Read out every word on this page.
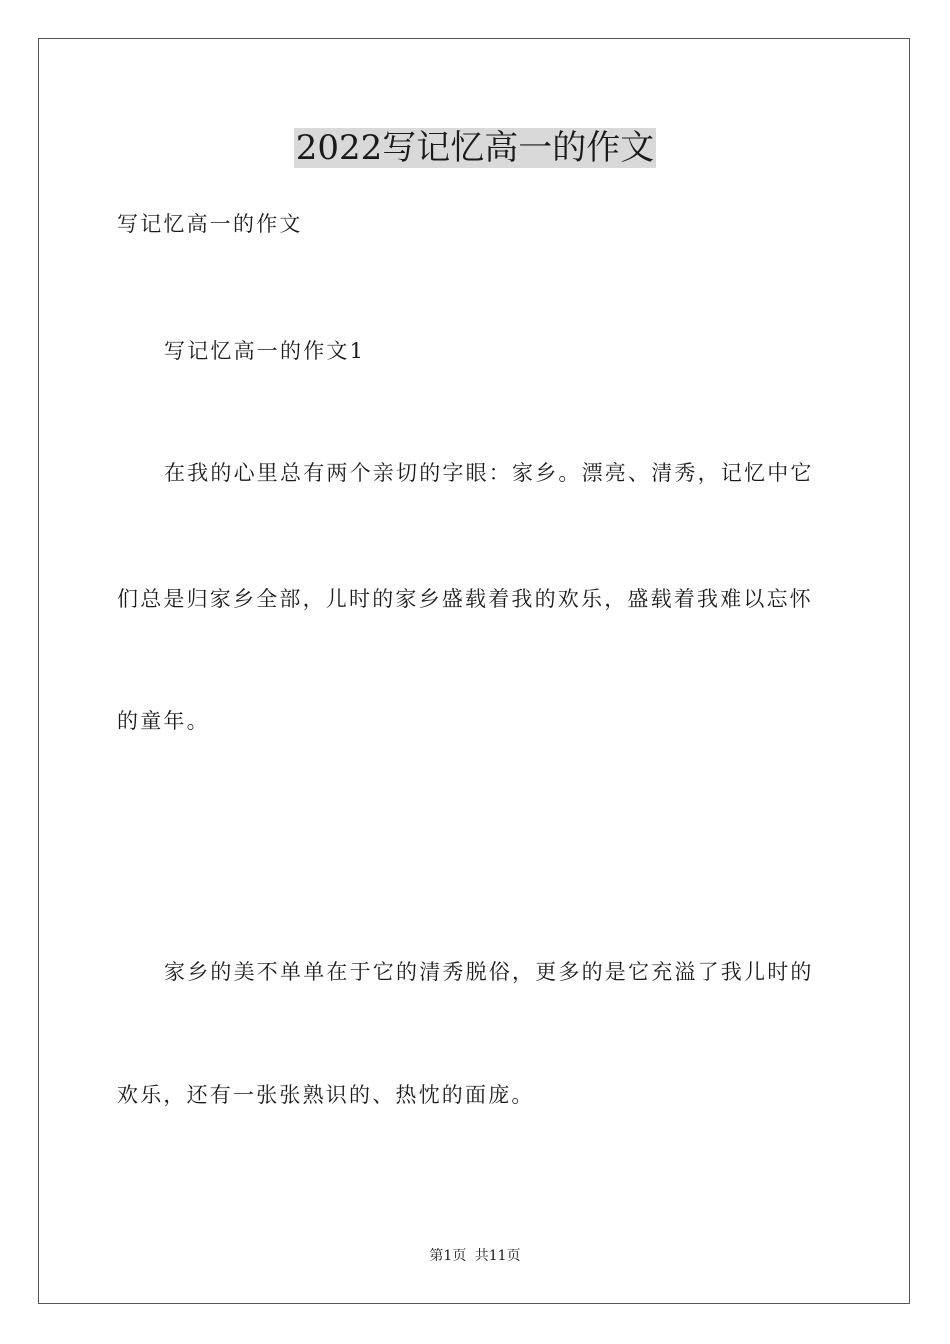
2022写记忆高一的作文
写记忆高一的作文
写记忆高一的作文1
在我的心里总有两个亲切的字眼：家乡。漂亮、清秀，记忆中它
们总是归家乡全部，儿时的家乡盛载着我的欢乐，盛载着我难以忘怀
的童年。
家乡的美不单单在于它的清秀脱俗，更多的是它充溢了我儿时的
欢乐，还有一张张熟识的、热忱的面庞。
第1页 共11页
